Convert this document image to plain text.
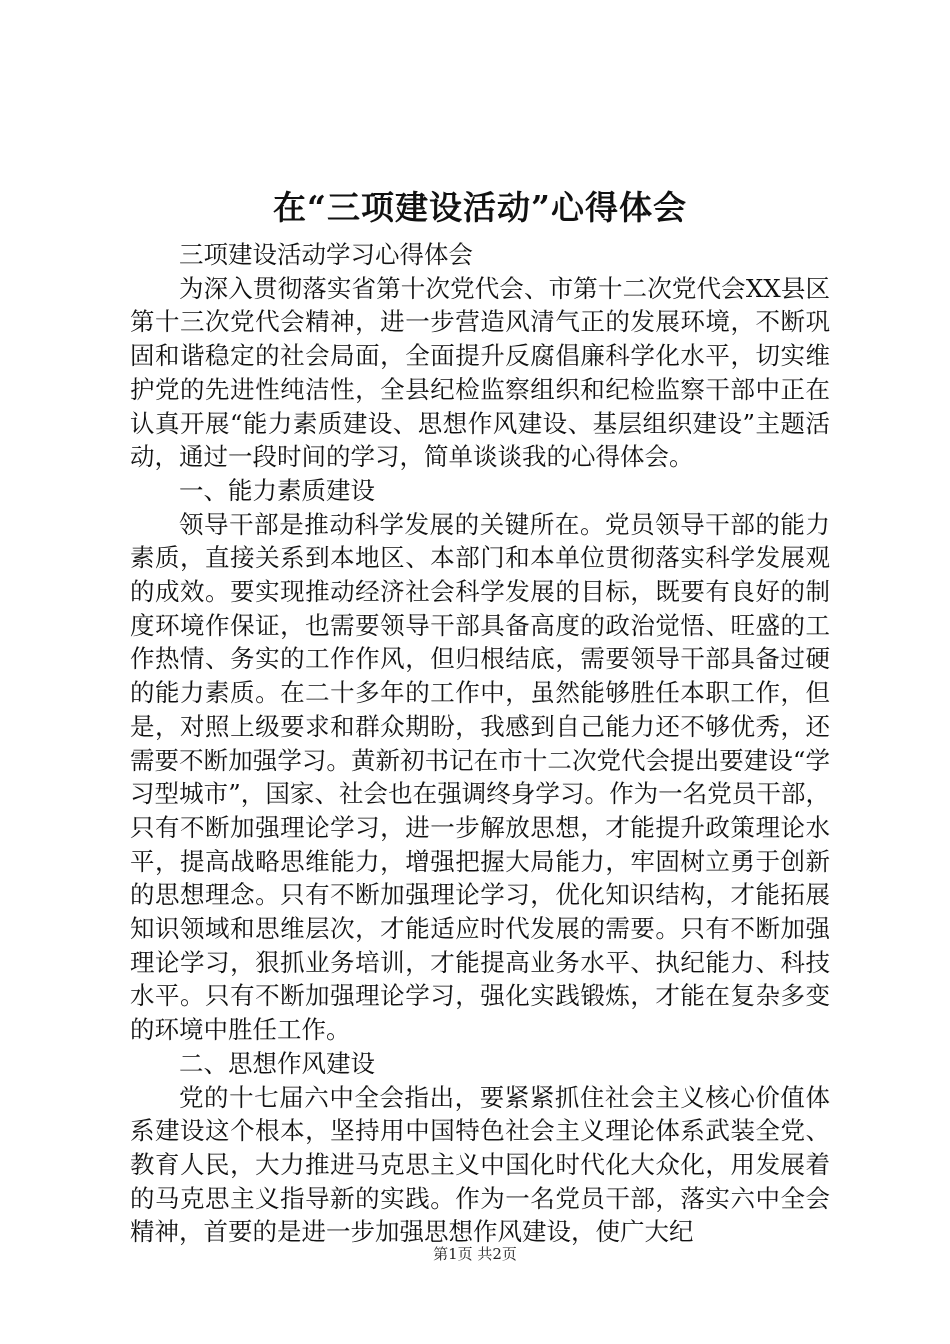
在“三项建设活动”心得体会

三项建设活动学习心得体会

为深入贯彻落实省第十次党代会、市第十二次党代会XX县区第十三次党代会精神，进一步营造风清气正的发展环境，不断巩固和谐稳定的社会局面，全面提升反腐倡廉科学化水平，切实维护党的先进性纯洁性，全县纪检监察组织和纪检监察干部中正在认真开展“能力素质建设、思想作风建设、基层组织建设”主题活动，通过一段时间的学习，简单谈谈我的心得体会。

一、能力素质建设

领导干部是推动科学发展的关键所在。党员领导干部的能力素质，直接关系到本地区、本部门和本单位贯彻落实科学发展观的成效。要实现推动经济社会科学发展的目标，既要有良好的制度环境作保证，也需要领导干部具备高度的政治觉悟、旺盛的工作热情、务实的工作作风，但归根结底，需要领导干部具备过硬的能力素质。在二十多年的工作中，虽然能够胜任本职工作，但是，对照上级要求和群众期盼，我感到自己能力还不够优秀，还需要不断加强学习。黄新初书记在市十二次党代会提出要建设“学习型城市”，国家、社会也在强调终身学习。作为一名党员干部，只有不断加强理论学习，进一步解放思想，才能提升政策理论水平，提高战略思维能力，增强把握大局能力，牢固树立勇于创新的思想理念。只有不断加强理论学习，优化知识结构，才能拓展知识领域和思维层次，才能适应时代发展的需要。只有不断加强理论学习，狠抓业务培训，才能提高业务水平、执纪能力、科技水平。只有不断加强理论学习，强化实践锻炼，才能在复杂多变的环境中胜任工作。

二、思想作风建设

党的十七届六中全会指出，要紧紧抓住社会主义核心价值体系建设这个根本，坚持用中国特色社会主义理论体系武装全党、教育人民，大力推进马克思主义中国化时代化大众化，用发展着的马克思主义指导新的实践。作为一名党员干部，落实六中全会精神，首要的是进一步加强思想作风建设，使广大纪

第1页 共2页
